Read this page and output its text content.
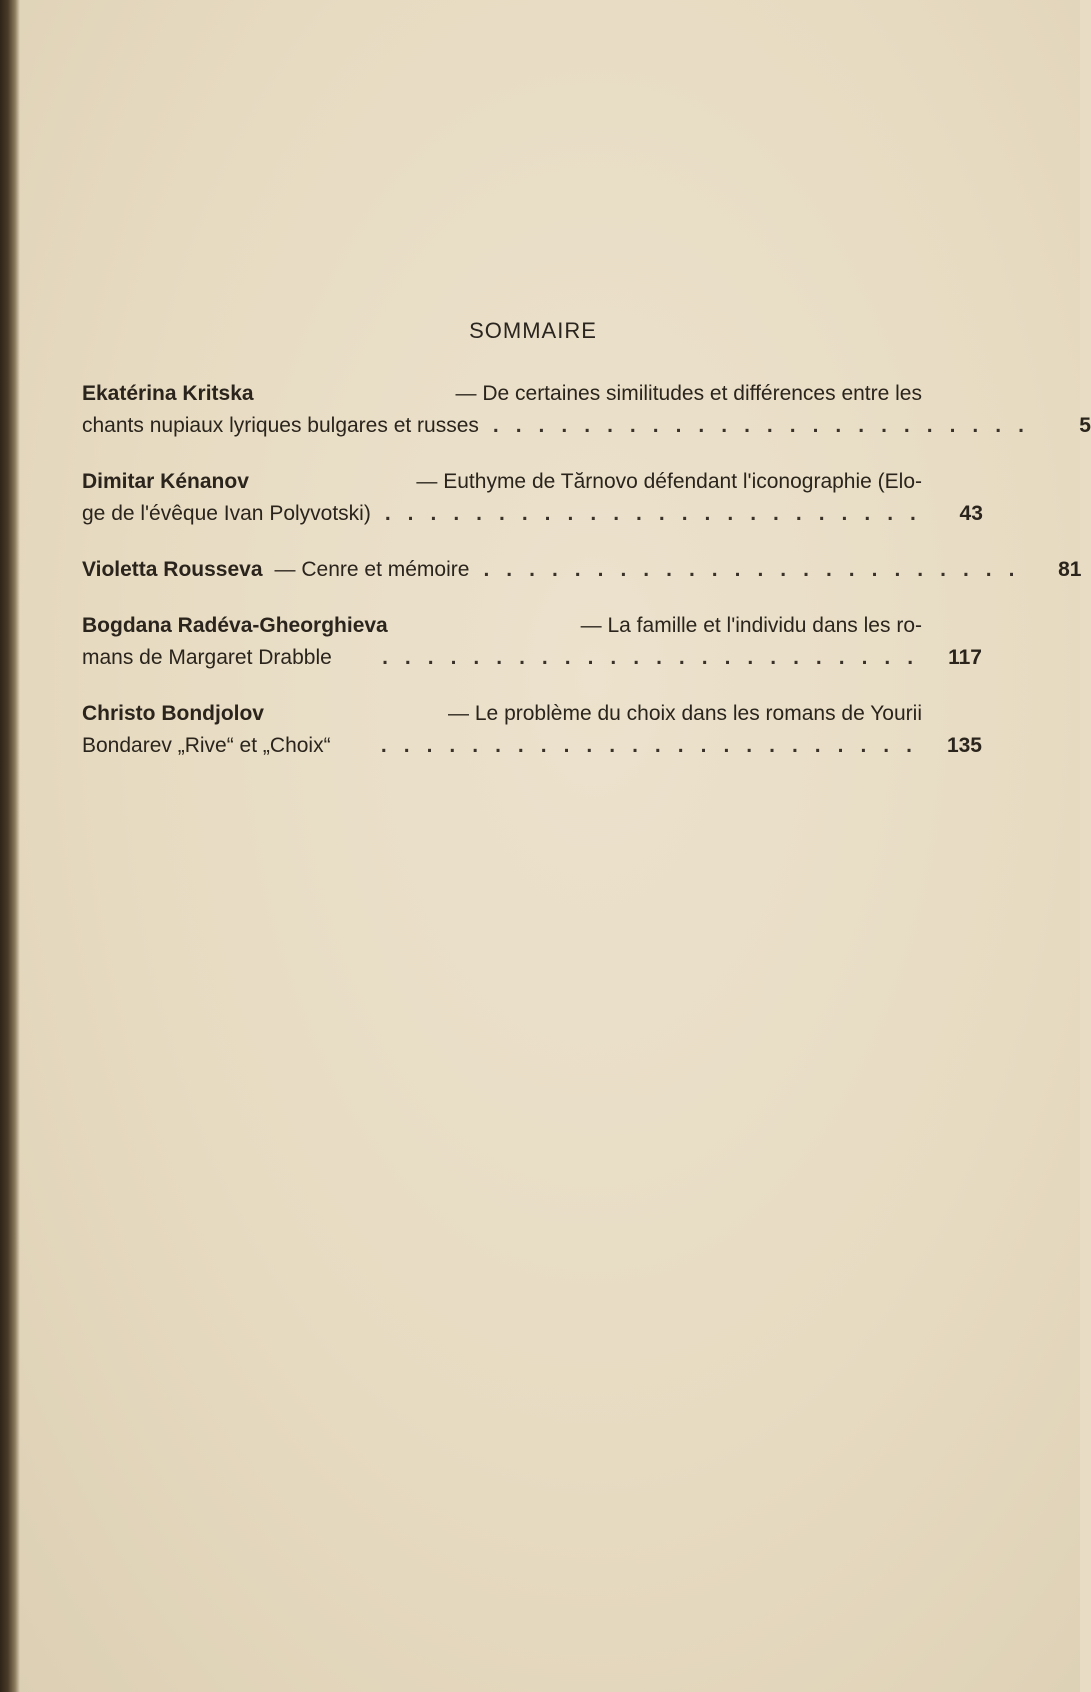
SOMMAIRE
Ekatérina Kritska	— De certaines similitudes et différences entre les
chants nupiaux lyriques bulgares et russes ........................	5
Dimitar Kénanov	— Euthyme de Tărnovo défendant l'iconographie (Elo-
ge de l'évêque Ivan Polyvotski) ........................	43
Violetta Rousseva — Cenre et mémoire ........................	81
Bogdana Radéva-Gheorghieva	— La famille et l'individu dans les ro-
mans de Margaret Drabble	........................ 117
Christo Bondjolov	— Le problème du choix dans les romans de Yourii
Bondarev „Rive“ et „Choix“	........................ 135
